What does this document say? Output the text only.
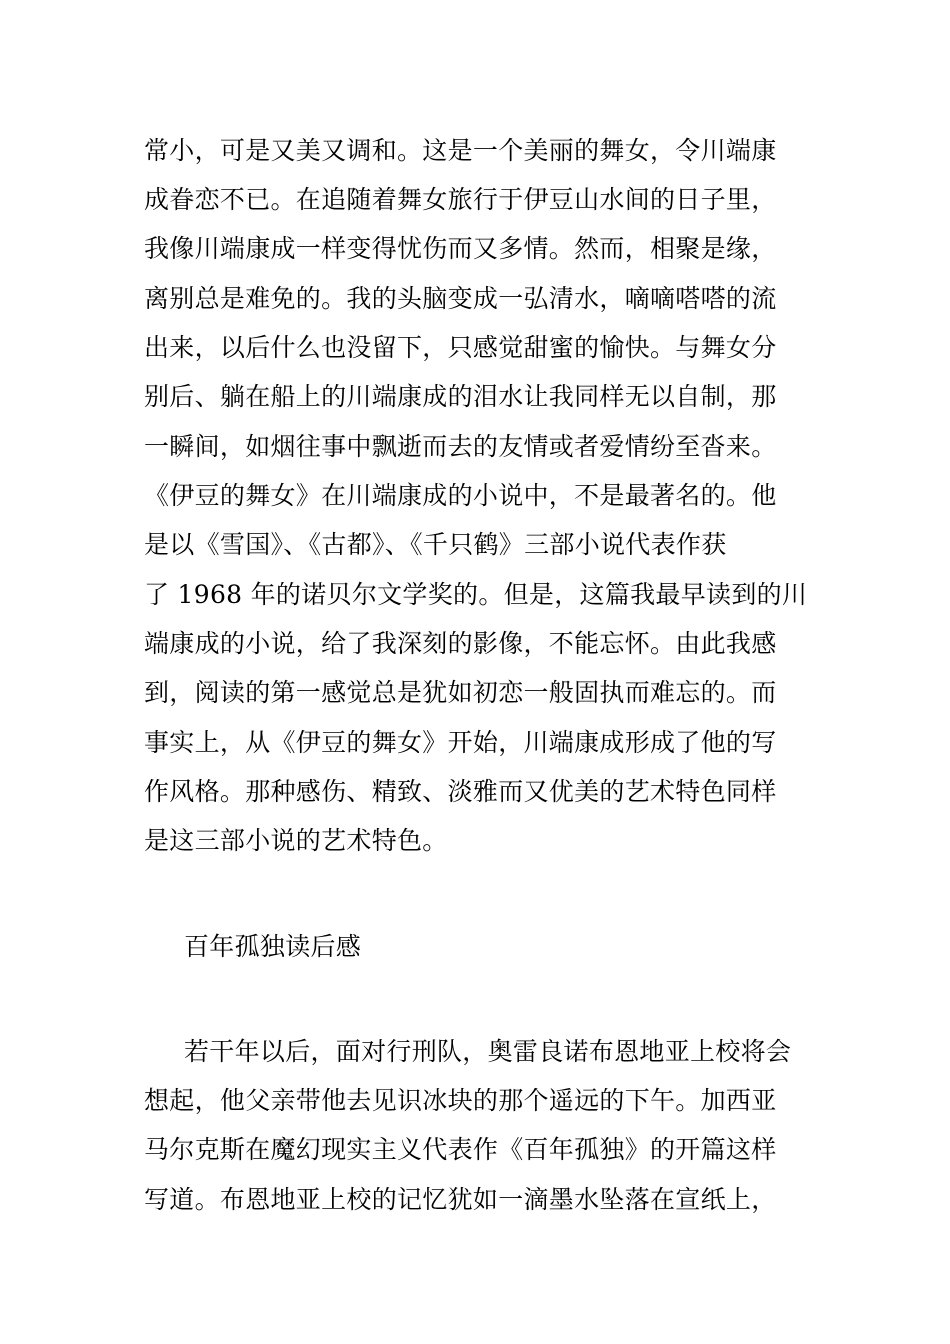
常小，可是又美又调和。这是一个美丽的舞女，令川端康
成眷恋不已。在追随着舞女旅行于伊豆山水间的日子里，
我像川端康成一样变得忧伤而又多情。然而，相聚是缘，
离别总是难免的。我的头脑变成一弘清水，嘀嘀嗒嗒的流
出来，以后什么也没留下，只感觉甜蜜的愉快。与舞女分
别后、躺在船上的川端康成的泪水让我同样无以自制，那
一瞬间，如烟往事中飘逝而去的友情或者爱情纷至沓来。
《伊豆的舞女》在川端康成的小说中，不是最著名的。他
是以《雪国》、《古都》、《千只鹤》三部小说代表作获
了 1968 年的诺贝尔文学奖的。但是，这篇我最早读到的川
端康成的小说，给了我深刻的影像，不能忘怀。由此我感
到，阅读的第一感觉总是犹如初恋一般固执而难忘的。而
事实上，从《伊豆的舞女》开始，川端康成形成了他的写
作风格。那种感伤、精致、淡雅而又优美的艺术特色同样
是这三部小说的艺术特色。
百年孤独读后感
若干年以后，面对行刑队，奥雷良诺布恩地亚上校将会
想起，他父亲带他去见识冰块的那个遥远的下午。加西亚
马尔克斯在魔幻现实主义代表作《百年孤独》的开篇这样
写道。布恩地亚上校的记忆犹如一滴墨水坠落在宣纸上，
